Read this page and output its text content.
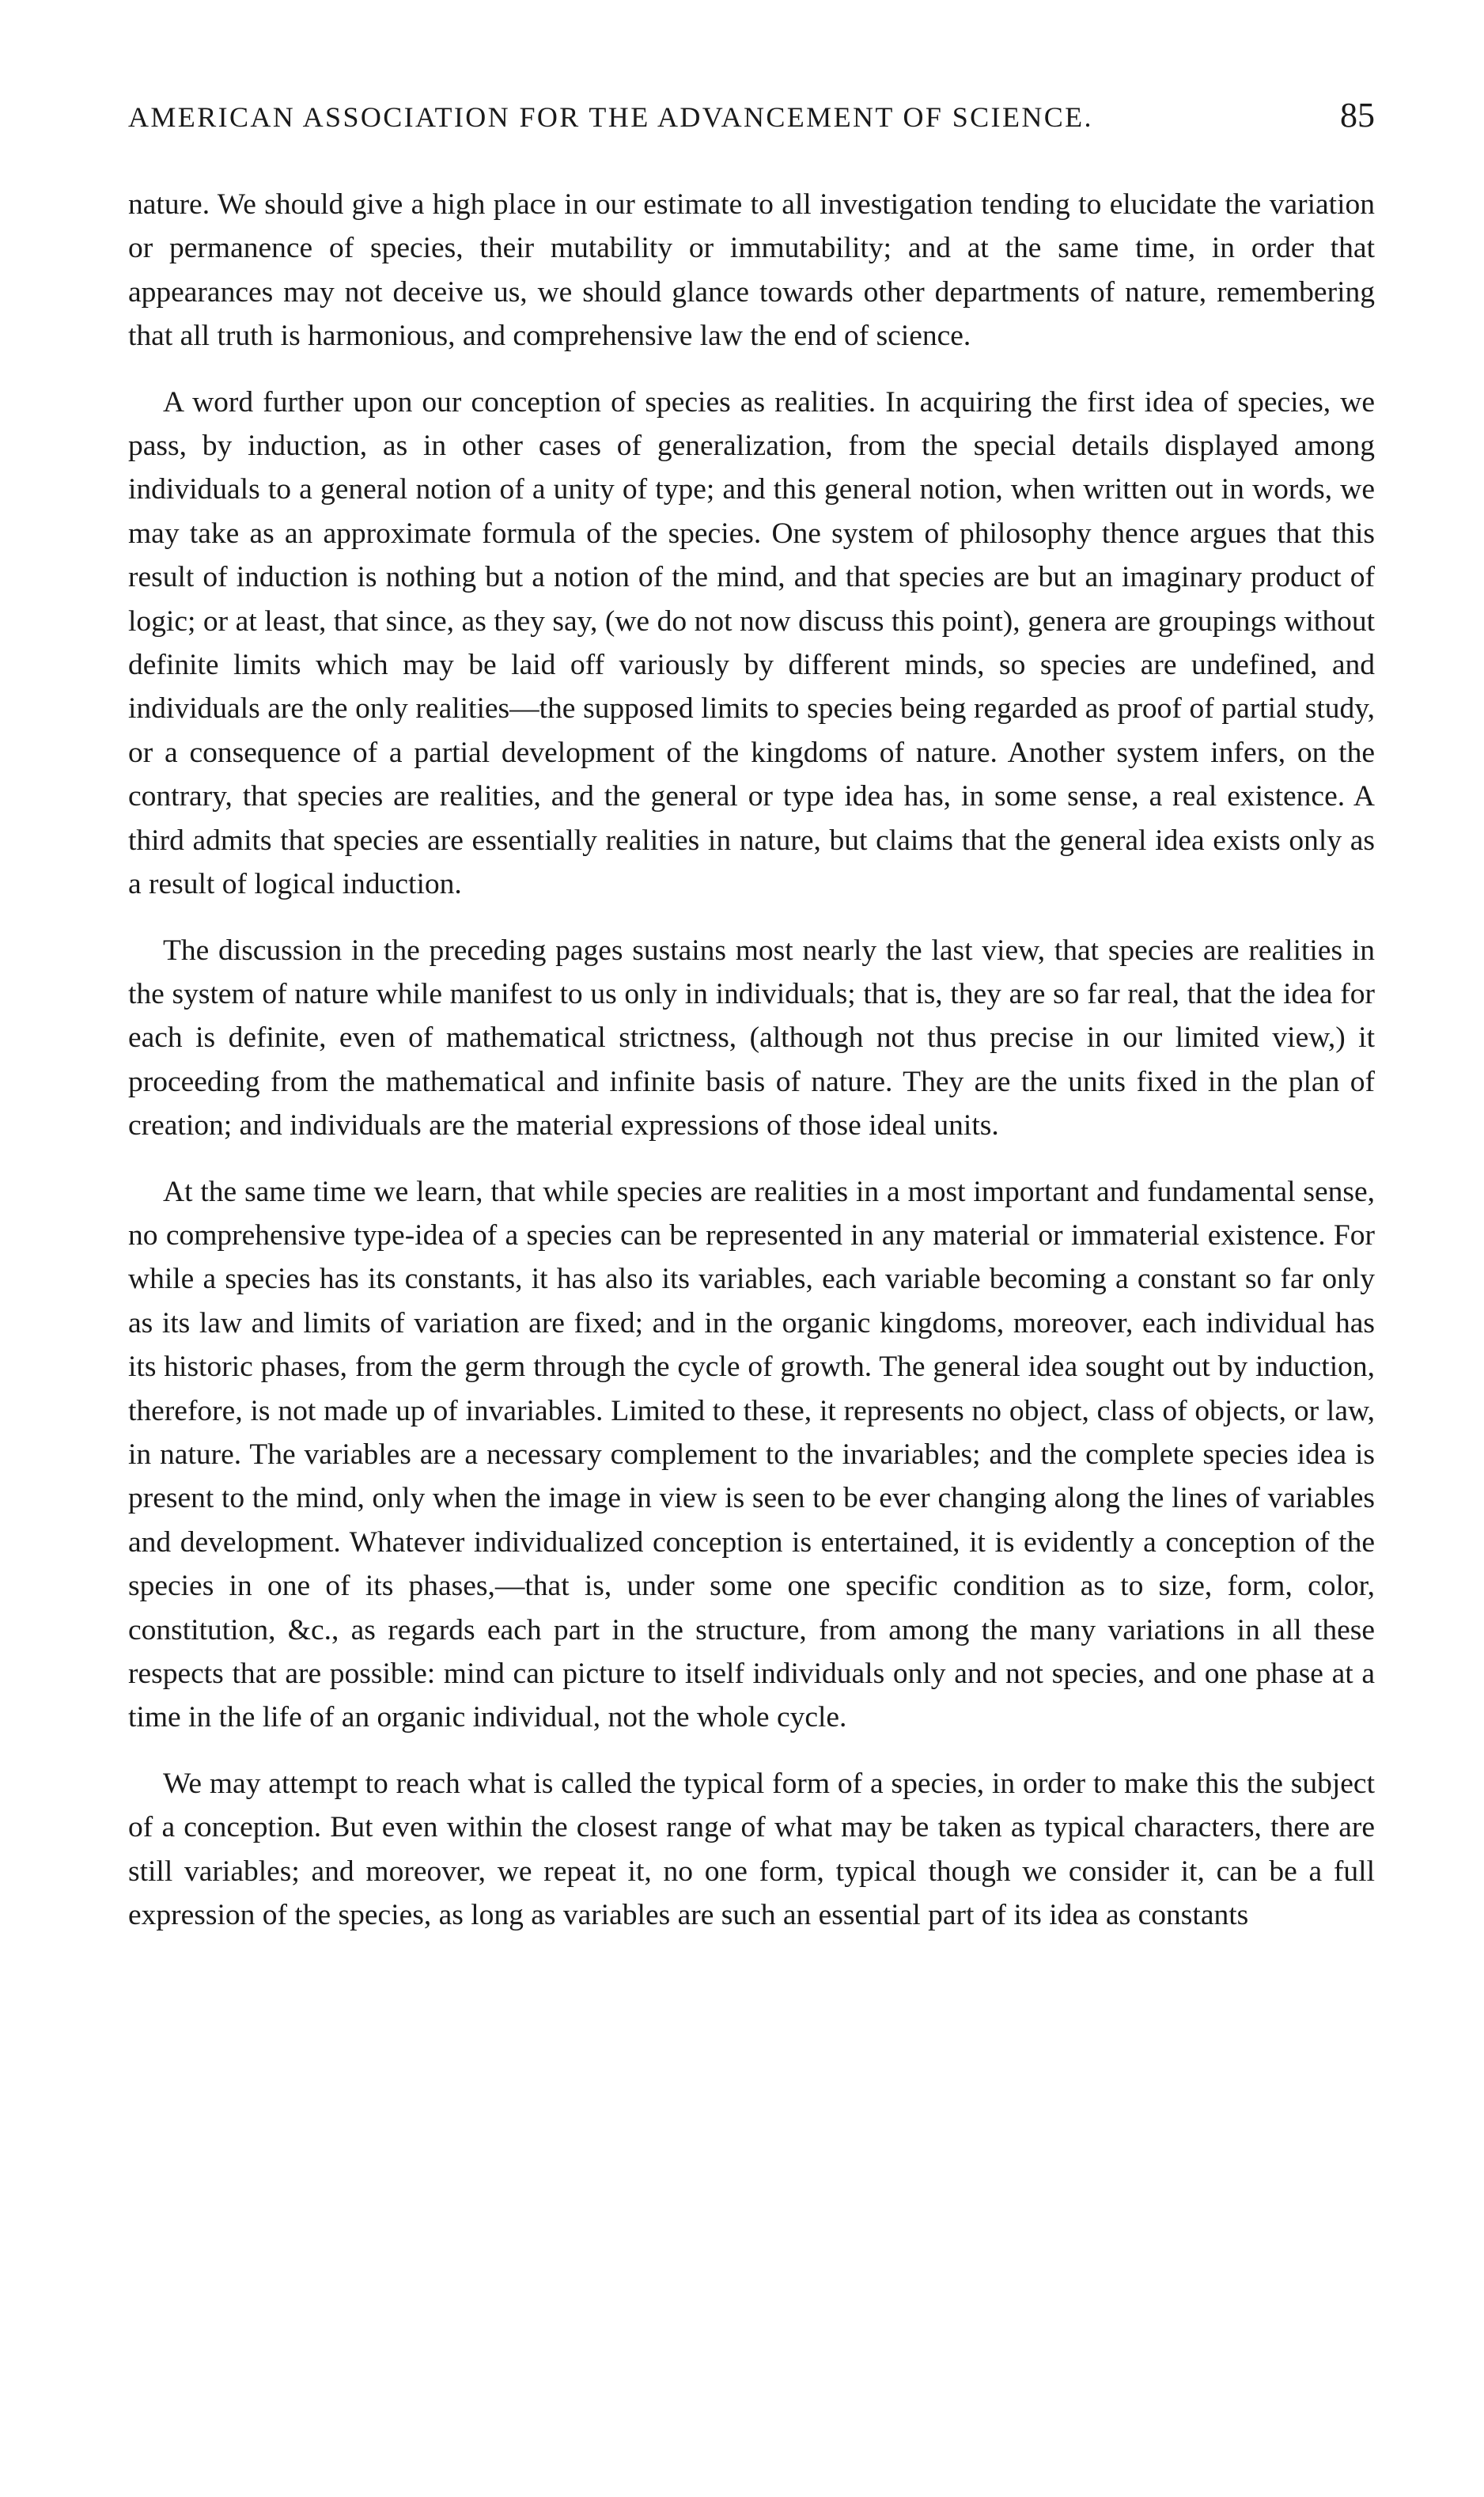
AMERICAN ASSOCIATION FOR THE ADVANCEMENT OF SCIENCE.	85

nature. We should give a high place in our estimate to all investigation tending to elucidate the variation or permanence of species, their mutability or immutability; and at the same time, in order that appearances may not deceive us, we should glance towards other departments of nature, remembering that all truth is harmonious, and comprehensive law the end of science.

A word further upon our conception of species as realities. In acquiring the first idea of species, we pass, by induction, as in other cases of generalization, from the special details displayed among individuals to a general notion of a unity of type; and this general notion, when written out in words, we may take as an approximate formula of the species. One system of philosophy thence argues that this result of induction is nothing but a notion of the mind, and that species are but an imaginary product of logic; or at least, that since, as they say, (we do not now discuss this point), genera are groupings without definite limits which may be laid off variously by different minds, so species are undefined, and individuals are the only realities—the supposed limits to species being regarded as proof of partial study, or a consequence of a partial development of the kingdoms of nature. Another system infers, on the contrary, that species are realities, and the general or type idea has, in some sense, a real existence. A third admits that species are essentially realities in nature, but claims that the general idea exists only as a result of logical induction.

The discussion in the preceding pages sustains most nearly the last view, that species are realities in the system of nature while manifest to us only in individuals; that is, they are so far real, that the idea for each is definite, even of mathematical strictness, (although not thus precise in our limited view,) it proceeding from the mathematical and infinite basis of nature. They are the units fixed in the plan of creation; and individuals are the material expressions of those ideal units.

At the same time we learn, that while species are realities in a most important and fundamental sense, no comprehensive type-idea of a species can be represented in any material or immaterial existence. For while a species has its constants, it has also its variables, each variable becoming a constant so far only as its law and limits of variation are fixed; and in the organic kingdoms, moreover, each individual has its historic phases, from the germ through the cycle of growth. The general idea sought out by induction, therefore, is not made up of invariables. Limited to these, it represents no object, class of objects, or law, in nature. The variables are a necessary complement to the invariables; and the complete species idea is present to the mind, only when the image in view is seen to be ever changing along the lines of variables and development. Whatever individualized conception is entertained, it is evidently a conception of the species in one of its phases,—that is, under some one specific condition as to size, form, color, constitution, &c., as regards each part in the structure, from among the many variations in all these respects that are possible: mind can picture to itself individuals only and not species, and one phase at a time in the life of an organic individual, not the whole cycle.

We may attempt to reach what is called the typical form of a species, in order to make this the subject of a conception. But even within the closest range of what may be taken as typical characters, there are still variables; and moreover, we repeat it, no one form, typical though we consider it, can be a full expression of the species, as long as variables are such an essential part of its idea as constants
